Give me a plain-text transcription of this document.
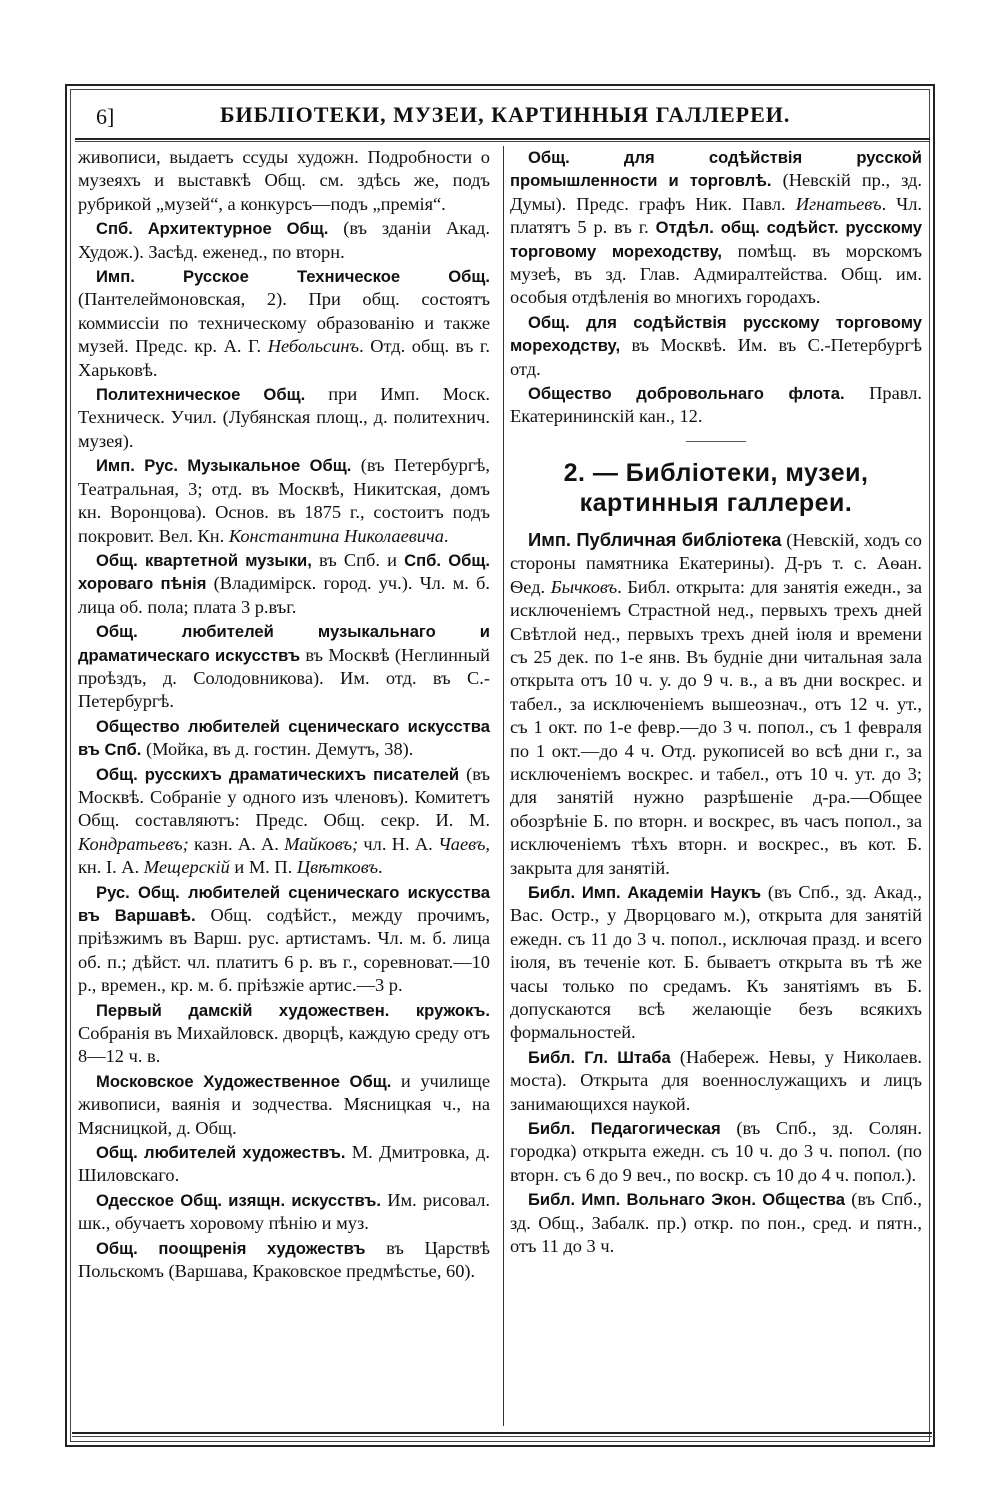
6]	БИБЛІОТЕКИ, МУЗЕИ, КАРТИННЫЯ ГАЛЛЕРЕИ.

живописи, выдаетъ ссуды художн. Подробности о музеяхъ и выставкѣ Общ. см. здѣсь же, подъ рубрикой „музей“, а конкурсъ—подъ „премія“.

Спб. Архитектурное Общ. (въ зданіи Акад. Худож.). Засѣд. еженед., по вторн.

Имп. Русское Техническое Общ. (Пантелеймоновская, 2). При общ. состоятъ коммиссіи по техническому образованію и также музей. Предс. кр. А. Г. Небольсинъ. Отд. общ. въ г. Харьковѣ.

Политехническое Общ. при Имп. Моск. Техническ. Учил. (Лубянская площ., д. политехнич. музея).

Имп. Рус. Музыкальное Общ. (въ Петербургѣ, Театральная, 3; отд. въ Москвѣ, Никитская, домъ кн. Воронцова). Основ. въ 1875 г., состоитъ подъ покровит. Вел. Кн. Константина Николаевича.

Общ. квартетной музыки, въ Спб. и Спб. Общ. хороваго пѣнія (Владимірск. город. уч.). Чл. м. б. лица об. пола; плата 3 р.въг.

Общ. любителей музыкальнаго и драматическаго искусствъ въ Москвѣ (Неглинный проѣздъ, д. Солодовникова). Им. отд. въ С.-Петербургѣ.

Общество любителей сценическаго искусства въ Спб. (Мойка, въ д. гостин. Демутъ, 38).

Общ. русскихъ драматическихъ писателей (въ Москвѣ. Собраніе у одного изъ членовъ). Комитетъ Общ. составляютъ: Предс. Общ. секр. И. М. Кондратьевъ; казн. А. А. Майковъ; чл. Н. А. Чаевъ, кн. І. А. Мещерскій и М. П. Цвѣтковъ.

Рус. Общ. любителей сценическаго искусства въ Варшавѣ. Общ. содѣйст., между прочимъ, пріѣзжимъ въ Варш. рус. артистамъ. Чл. м. б. лица об. п.; дѣйст. чл. платитъ 6 р. въ г., соревноват.—10 р., времен., кр. м. б. пріѣзжіе артис.—3 р.

Первый дамскій художествен. кружокъ. Собранія въ Михайловск. дворцѣ, каждую среду отъ 8—12 ч. в.

Московское Художественное Общ. и училище живописи, ваянія и зодчества. Мясницкая ч., на Мясницкой, д. Общ.

Общ. любителей художествъ. М. Дмитровка, д. Шиловскаго.

Одесское Общ. изящн. искусствъ. Им. рисовал. шк., обучаетъ хоровому пѣнію и муз.

Общ. поощренія художествъ въ Царствѣ Польскомъ (Варшава, Краковское предмѣстье, 60).

Общ. для содѣйствія русской промышленности и торговлѣ. (Невскій пр., зд. Думы). Предс. графъ Ник. Павл. Игнатьевъ. Чл. платятъ 5 р. въ г. Отдѣл. общ. содѣйст. русскому торговому мореходству, помѣщ. въ морскомъ музеѣ, въ зд. Глав. Адмиралтейства. Общ. им. особыя отдѣленія во многихъ городахъ.

Общ. для содѣйствія русскому торговому мореходству, въ Москвѣ. Им. въ С.-Петербургѣ отд.

Общество добровольнаго флота. Правл. Екатерининскій кан., 12.

2. — Библіотеки, музеи, картинныя галлереи.

Имп. Публичная библіотека (Невскій, ходъ со стороны памятника Екатерины). Д-ръ т. с. Аѳан. Ѳед. Бычковъ. Библ. открыта: для занятія ежедн., за исключеніемъ Страстной нед., первыхъ трехъ дней Свѣтлой нед., первыхъ трехъ дней іюля и времени съ 25 дек. по 1-е янв. Въ будніе дни читальная зала открыта отъ 10 ч. у. до 9 ч. в., а въ дни воскрес. и табел., за исключеніемъ вышеознач., отъ 12 ч. ут., съ 1 окт. по 1-е февр.—до 3 ч. попол., съ 1 февраля по 1 окт.—до 4 ч. Отд. рукописей во всѣ дни г., за исключеніемъ воскрес. и табел., отъ 10 ч. ут. до 3; для занятій нужно разрѣшеніе д-ра.—Общее обозрѣніе Б. по вторн. и воскрес, въ часъ попол., за исключеніемъ тѣхъ вторн. и воскрес., въ кот. Б. закрыта для занятій.

Библ. Имп. Академіи Наукъ (въ Спб., зд. Акад., Вас. Остр., у Дворцоваго м.), открыта для занятій ежедн. съ 11 до 3 ч. попол., исключая празд. и всего іюля, въ теченіе кот. Б. бываетъ открыта въ тѣ же часы только по средамъ. Къ занятіямъ въ Б. допускаются всѣ желающіе безъ всякихъ формальностей.

Библ. Гл. Штаба (Набереж. Невы, у Николаев. моста). Открыта для военнослужащихъ и лицъ занимающихся наукой.

Библ. Педагогическая (въ Спб., зд. Солян. городка) открыта ежедн. съ 10 ч. до 3 ч. попол. (по вторн. съ 6 до 9 веч., по воскр. съ 10 до 4 ч. попол.).

Библ. Имп. Вольнаго Экон. Общества (въ Спб., зд. Общ., Забалк. пр.) откр. по пон., сред. и пятн., отъ 11 до 3 ч.
